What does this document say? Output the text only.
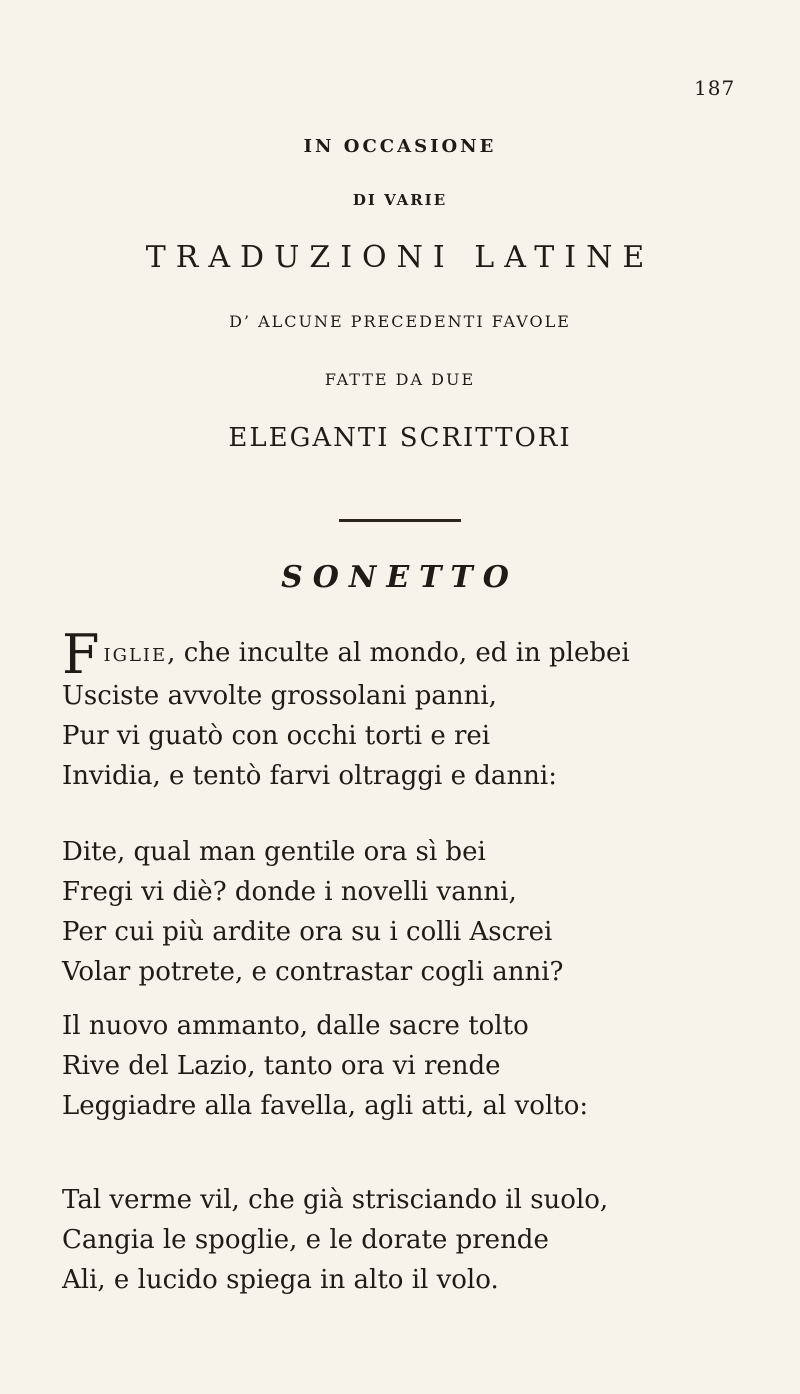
187
IN OCCASIONE
DI VARIE
TRADUZIONI LATINE
D’ ALCUNE PRECEDENTI FAVOLE
FATTE DA DUE
ELEGANTI SCRITTORI
SONETTO
FIGLIE, che inculte al mondo, ed in plebei
Usciste avvolte grossolani panni,
Pur vi guatò con occhi torti e rei
Invidia, e tentò farvi oltraggi e danni:
Dite, qual man gentile ora sì bei
Fregi vi diè? donde i novelli vanni,
Per cui più ardite ora su i colli Ascrei
Volar potrete, e contrastar cogli anni?
Il nuovo ammanto, dalle sacre tolto
Rive del Lazio, tanto ora vi rende
Leggiadre alla favella, agli atti, al volto:
Tal verme vil, che già strisciando il suolo,
Cangia le spoglie, e le dorate prende
Ali, e lucido spiega in alto il volo.
